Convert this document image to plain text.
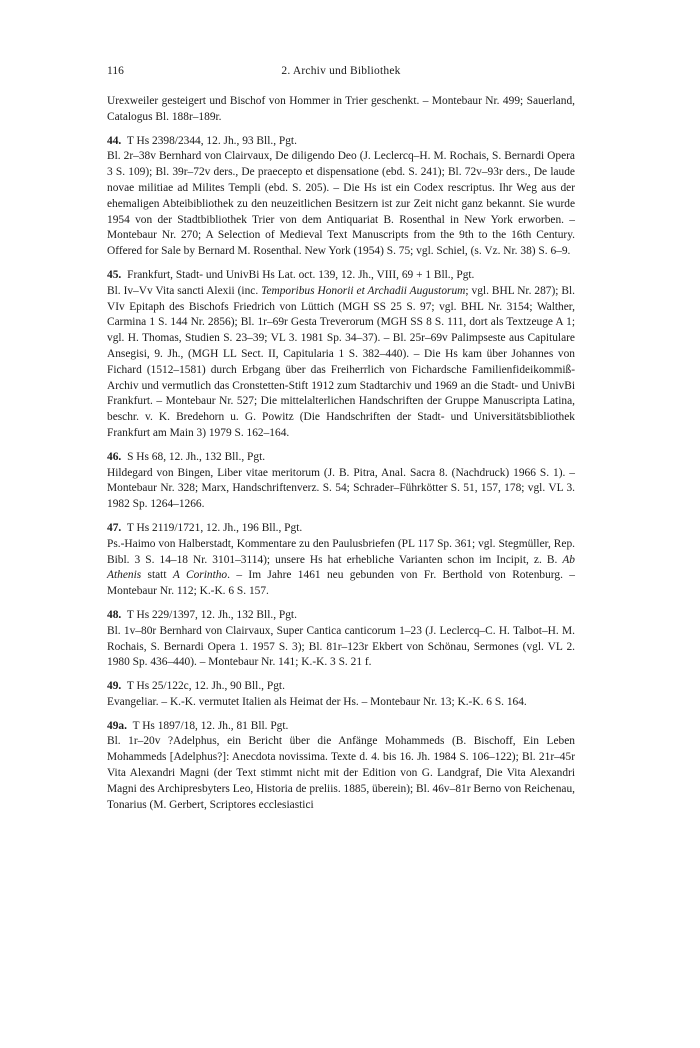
2. Archiv und Bibliothek
116

Urexweiler gesteigert und Bischof von Hommer in Trier geschenkt. – Montebaur Nr. 499; Sauerland, Catalogus Bl. 188r–189r.

44. T Hs 2398/2344, 12. Jh., 93 Bll., Pgt.
Bl. 2r–38v Bernhard von Clairvaux, De diligendo Deo (J. Leclercq–H. M. Rochais, S. Bernardi Opera 3 S. 109); Bl. 39r–72v ders., De praecepto et dispensatione (ebd. S. 241); Bl. 72v–93r ders., De laude novae militiae ad Milites Templi (ebd. S. 205). – Die Hs ist ein Codex rescriptus. Ihr Weg aus der ehemaligen Abteibibliothek zu den neuzeitlichen Besitzern ist zur Zeit nicht ganz bekannt. Sie wurde 1954 von der Stadtbibliothek Trier von dem Antiquariat B. Rosenthal in New York erworben. – Montebaur Nr. 270; A Selection of Medieval Text Manuscripts from the 9th to the 16th Century. Offered for Sale by Bernard M. Rosenthal. New York (1954) S. 75; vgl. Schiel, (s. Vz. Nr. 38) S. 6–9.
45. Frankfurt, Stadt- und UnivBi Hs Lat. oct. 139, 12. Jh., VIII, 69 + 1 Bll., Pgt.
Bl. Iv–Vv Vita sancti Alexii (inc. Temporibus Honorii et Archadii Augustorum; vgl. BHL Nr. 287); Bl. VIv Epitaph des Bischofs Friedrich von Lüttich (MGH SS 25 S. 97; vgl. BHL Nr. 3154; Walther, Carmina 1 S. 144 Nr. 2856); Bl. 1r–69r Gesta Treverorum (MGH SS 8 S. 111, dort als Textzeuge A 1; vgl. H. Thomas, Studien S. 23–39; VL 3. 1981 Sp. 34–37). – Bl. 25r–69v Palimpseste aus Capitulare Ansegisi, 9. Jh., (MGH LL Sect. II, Capitularia 1 S. 382–440). – Die Hs kam über Johannes von Fichard (1512–1581) durch Erbgang über das Freiherrlich von Fichardsche Familienfideikommiß-Archiv und vermutlich das Cronstetten-Stift 1912 zum Stadtarchiv und 1969 an die Stadt- und UnivBi Frankfurt. – Montebaur Nr. 527; Die mittelalterlichen Handschriften der Gruppe Manuscripta Latina, beschr. v. K. Bredehorn u. G. Powitz (Die Handschriften der Stadt- und Universitätsbibliothek Frankfurt am Main 3) 1979 S. 162–164.
46. S Hs 68, 12. Jh., 132 Bll., Pgt.
Hildegard von Bingen, Liber vitae meritorum (J. B. Pitra, Anal. Sacra 8. (Nachdruck) 1966 S. 1). – Montebaur Nr. 328; Marx, Handschriftenverz. S. 54; Schrader–Führkötter S. 51, 157, 178; vgl. VL 3. 1982 Sp. 1264–1266.
47. T Hs 2119/1721, 12. Jh., 196 Bll., Pgt.
Ps.-Haimo von Halberstadt, Kommentare zu den Paulusbriefen (PL 117 Sp. 361; vgl. Stegmüller, Rep. Bibl. 3 S. 14–18 Nr. 3101–3114); unsere Hs hat erhebliche Varianten schon im Incipit, z. B. Ab Athenis statt A Corintho. – Im Jahre 1461 neu gebunden von Fr. Berthold von Rotenburg. – Montebaur Nr. 112; K.-K. 6 S. 157.
48. T Hs 229/1397, 12. Jh., 132 Bll., Pgt.
Bl. 1v–80r Bernhard von Clairvaux, Super Cantica canticorum 1–23 (J. Leclercq–C. H. Talbot–H. M. Rochais, S. Bernardi Opera 1. 1957 S. 3); Bl. 81r–123r Ekbert von Schönau, Sermones (vgl. VL 2. 1980 Sp. 436–440). – Montebaur Nr. 141; K.-K. 3 S. 21 f.
49. T Hs 25/122c, 12. Jh., 90 Bll., Pgt.
Evangeliar. – K.-K. vermutet Italien als Heimat der Hs. – Montebaur Nr. 13; K.-K. 6 S. 164.
49a. T Hs 1897/18, 12. Jh., 81 Bll. Pgt.
Bl. 1r–20v ?Adelphus, ein Bericht über die Anfänge Mohammeds (B. Bischoff, Ein Leben Mohammeds [Adelphus?]: Anecdota novissima. Texte d. 4. bis 16. Jh. 1984 S. 106–122); Bl. 21r–45r Vita Alexandri Magni (der Text stimmt nicht mit der Edition von G. Landgraf, Die Vita Alexandri Magni des Archipresbyters Leo, Historia de preliis. 1885, überein); Bl. 46v–81r Berno von Reichenau, Tonarius (M. Gerbert, Scriptores ecclesiastici
